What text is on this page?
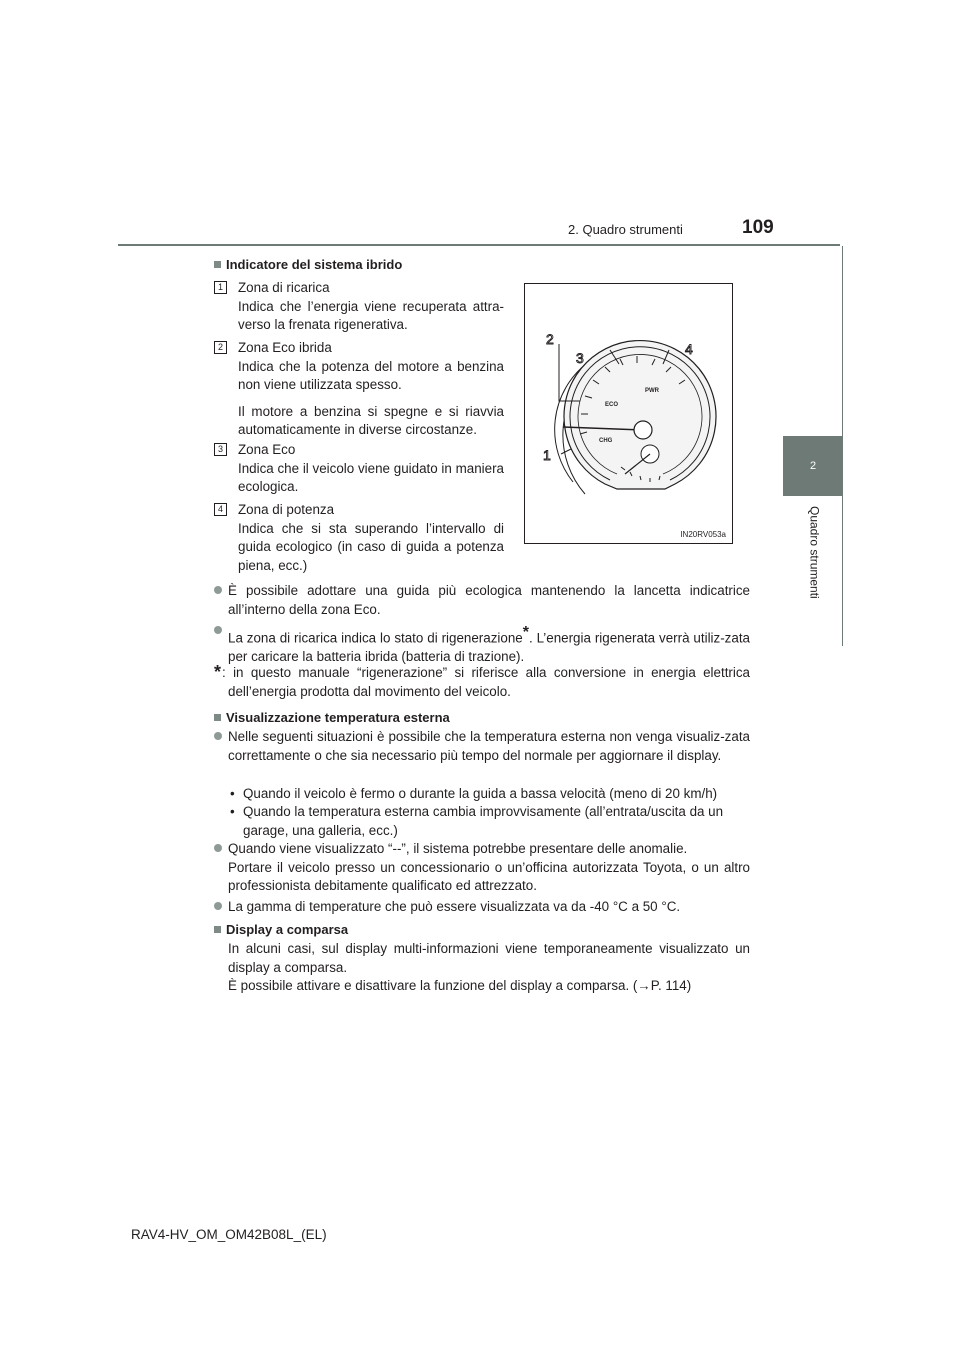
2. Quadro strumenti	109
2
Quadro strumenti
Indicatore del sistema ibrido
1 Zona di ricarica

Indica che l’energia viene recuperata attra-verso la frenata rigenerativa.

2 Zona Eco ibrida

Indica che la potenza del motore a benzina non viene utilizzata spesso.

Il motore a benzina si spegne e si riavvia automaticamente in diverse circostanze.

3 Zona Eco

Indica che il veicolo viene guidato in maniera ecologica.

4 Zona di potenza

Indica che si sta superando l’intervallo di guida ecologico (in caso di guida a potenza piena, ecc.)

ECO
PWR
CHG
1
2
3
4
IN20RV053a
È possibile adottare una guida più ecologica mantenendo la lancetta indicatrice all’interno della zona Eco.
La zona di ricarica indica lo stato di rigenerazione*. L’energia rigenerata verrà utiliz-zata per caricare la batteria ibrida (batteria di trazione).
*
: in questo manuale “rigenerazione” si riferisce alla conversione in energia elettrica dell’energia prodotta dal movimento del veicolo.
Visualizzazione temperatura esterna
Nelle seguenti situazioni è possibile che la temperatura esterna non venga visualiz-zata correttamente o che sia necessario più tempo del normale per aggiornare il display.
• Quando il veicolo è fermo o durante la guida a bassa velocità (meno di 20 km/h)
• Quando la temperatura esterna cambia improvvisamente (all’entrata/uscita da un garage, una galleria, ecc.)
Quando viene visualizzato “--”, il sistema potrebbe presentare delle anomalie.
Portare il veicolo presso un concessionario o un’officina autorizzata Toyota, o un altro professionista debitamente qualificato ed attrezzato.
La gamma di temperature che può essere visualizzata va da -40 °C a 50 °C.
Display a comparsa
In alcuni casi, sul display multi-informazioni viene temporaneamente visualizzato un display a comparsa.
È possibile attivare e disattivare la funzione del display a comparsa. (→P. 114)
RAV4-HV_OM_OM42B08L_(EL)
